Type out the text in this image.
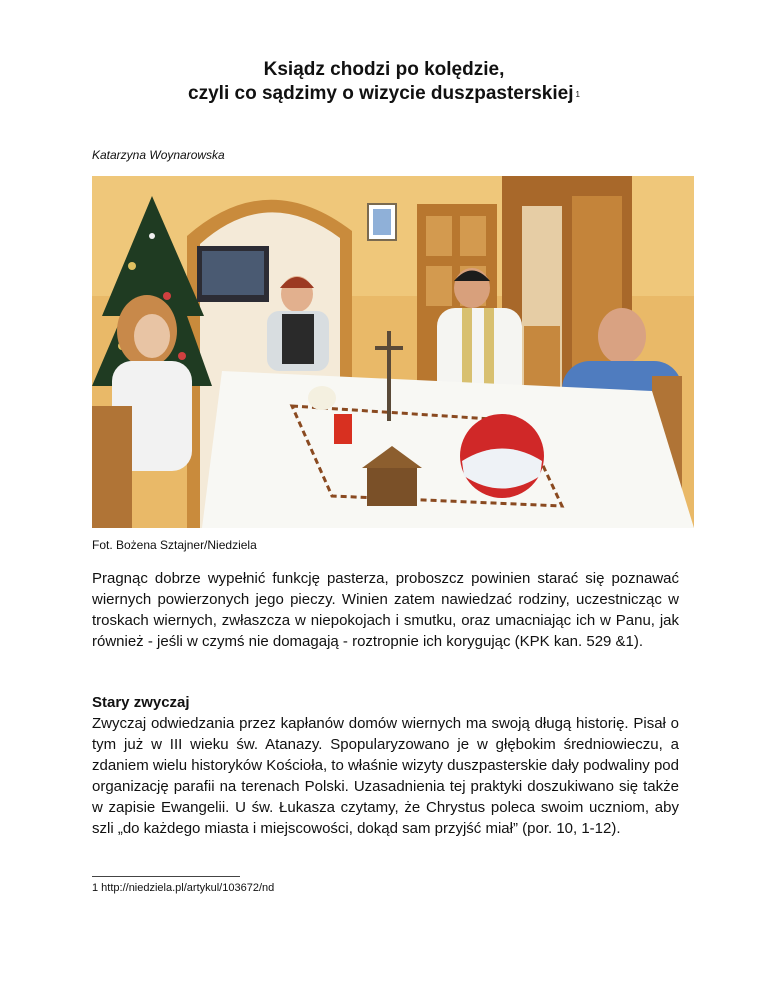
Ksiądz chodzi po kolędzie,
czyli co sądzimy o wizycie duszpasterskiej $^1$
Katarzyna Woynarowska
Fot. Bożena Sztajner/Niedziela
Pragnąc dobrze wypełnić funkcję pasterza, proboszcz powinien starać się poznawać wiernych powierzonych jego pieczy. Winien zatem nawiedzać rodziny, uczestnicząc w troskach wiernych, zwłaszcza w niepokojach i smutku, oraz umacniając ich w Panu, jak również - jeśli w czymś nie domagają - roztropnie ich korygując (KPK kan. 529 &1).
Stary zwyczaj
Zwyczaj odwiedzania przez kapłanów domów wiernych ma swoją długą historię. Pisał o tym już w III wieku św. Atanazy. Spopularyzowano je w głębokim średniowieczu, a zdaniem wielu historyków Kościoła, to właśnie wizyty duszpasterskie dały podwaliny pod organizację parafii na terenach Polski. Uzasadnienia tej praktyki doszukiwano się także w zapisie Ewangelii. U św. Łukasza czytamy, że Chrystus poleca swoim uczniom, aby szli „do każdego miasta i miejscowości, dokąd sam przyjść miał” (por. 10, 1-12).
1 http://niedziela.pl/artykul/103672/nd
